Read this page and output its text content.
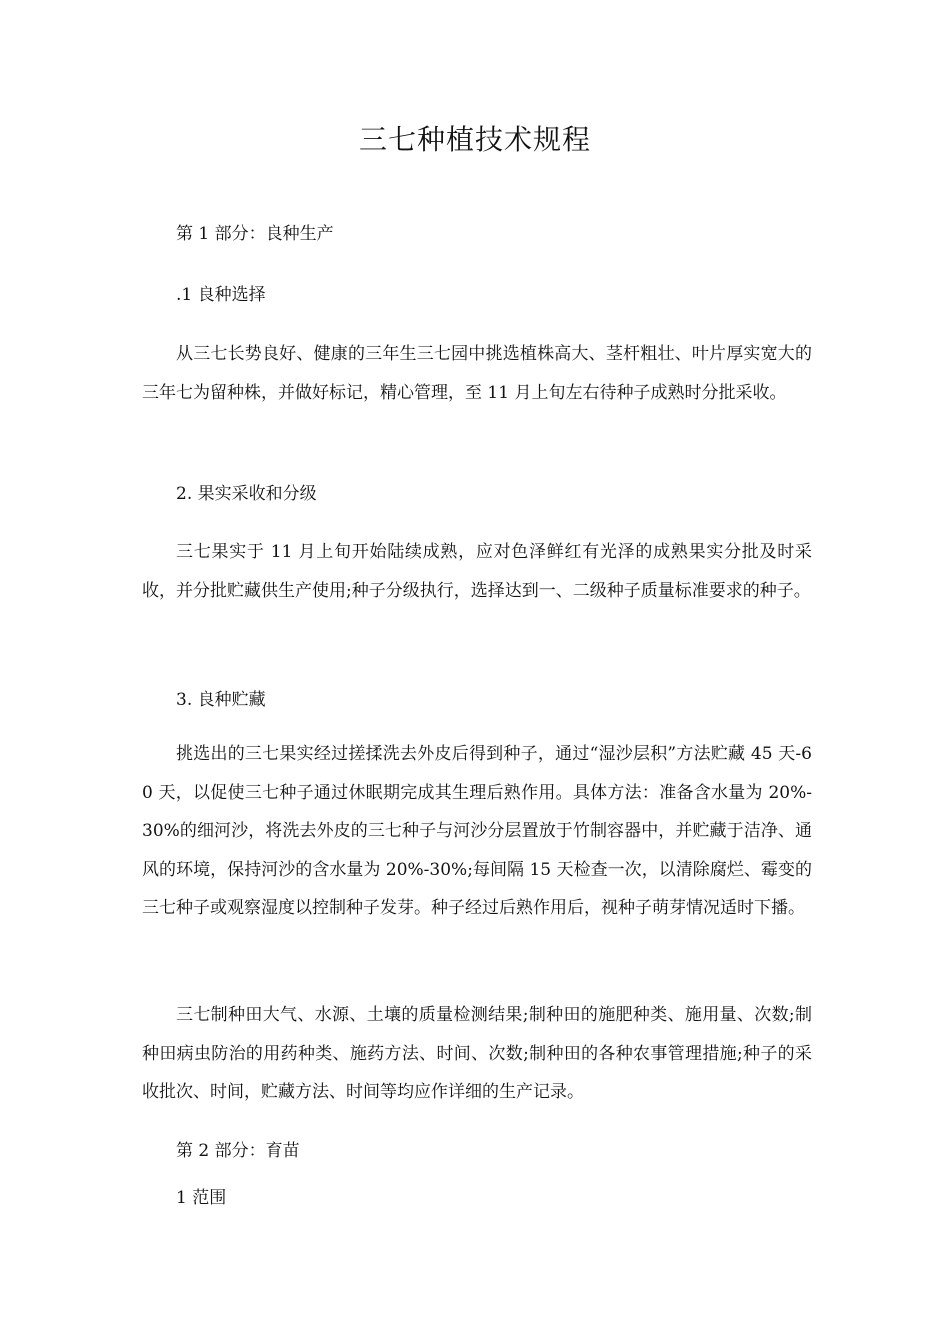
三七种植技术规程
第 1 部分：良种生产
.1 良种选择
从三七长势良好、健康的三年生三七园中挑选植株高大、茎杆粗壮、叶片厚实宽大的三年七为留种株，并做好标记，精心管理，至 11 月上旬左右待种子成熟时分批采收。
2. 果实采收和分级
三七果实于 11 月上旬开始陆续成熟，应对色泽鲜红有光泽的成熟果实分批及时采收，并分批贮藏供生产使用;种子分级执行，选择达到一、二级种子质量标准要求的种子。
3. 良种贮藏
挑选出的三七果实经过搓揉洗去外皮后得到种子，通过“湿沙层积”方法贮藏 45 天-60 天，以促使三七种子通过休眠期完成其生理后熟作用。具体方法：准备含水量为 20%-30%的细河沙，将洗去外皮的三七种子与河沙分层置放于竹制容器中，并贮藏于洁净、通风的环境，保持河沙的含水量为 20%-30%;每间隔 15 天检查一次，以清除腐烂、霉变的三七种子或观察湿度以控制种子发芽。种子经过后熟作用后，视种子萌芽情况适时下播。
三七制种田大气、水源、土壤的质量检测结果;制种田的施肥种类、施用量、次数;制种田病虫防治的用药种类、施药方法、时间、次数;制种田的各种农事管理措施;种子的采收批次、时间，贮藏方法、时间等均应作详细的生产记录。
第 2 部分：育苗
1 范围
